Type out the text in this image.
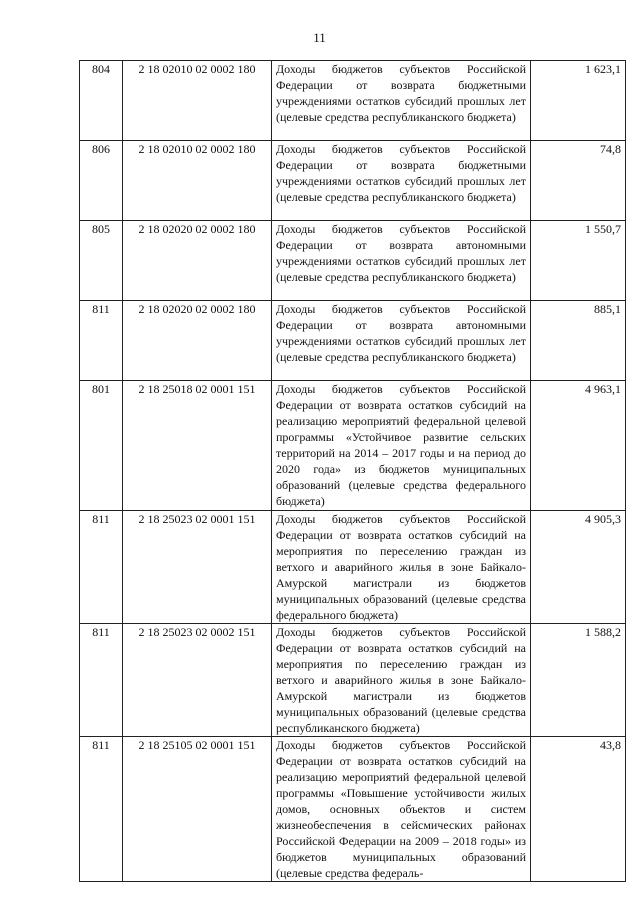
11
804	2 18 02010 02 0002 180	Доходы бюджетов субъектов Российской Федерации от возврата бюджетными учреждениями остатков субсидий прошлых лет (целевые средства республиканского бюджета)	1 623,1
806	2 18 02010 02 0002 180	Доходы бюджетов субъектов Российской Федерации от возврата бюджетными учреждениями остатков субсидий прошлых лет (целевые средства республиканского бюджета)	74,8
805	2 18 02020 02 0002 180	Доходы бюджетов субъектов Российской Федерации от возврата автономными учреждениями остатков субсидий прошлых лет (целевые средства республиканского бюджета)	1 550,7
811	2 18 02020 02 0002 180	Доходы бюджетов субъектов Российской Федерации от возврата автономными учреждениями остатков субсидий прошлых лет (целевые средства республиканского бюджета)	885,1
801	2 18 25018 02 0001 151	Доходы бюджетов субъектов Российской Федерации от возврата остатков субсидий на реализацию мероприятий федеральной целевой программы «Устойчивое развитие сельских территорий на 2014 – 2017 годы и на период до 2020 года» из бюджетов муниципальных образований (целевые средства федерального бюджета)	4 963,1
811	2 18 25023 02 0001 151	Доходы бюджетов субъектов Российской Федерации от возврата остатков субсидий на мероприятия по переселению граждан из ветхого и аварийного жилья в зоне Байкало-Амурской магистрали из бюджетов муниципальных образований (целевые средства федерального бюджета)	4 905,3
811	2 18 25023 02 0002 151	Доходы бюджетов субъектов Российской Федерации от возврата остатков субсидий на мероприятия по переселению граждан из ветхого и аварийного жилья в зоне Байкало-Амурской магистрали из бюджетов муниципальных образований (целевые средства республиканского бюджета)	1 588,2
811	2 18 25105 02 0001 151	Доходы бюджетов субъектов Российской Федерации от возврата остатков субсидий на реализацию мероприятий федеральной целевой программы «Повышение устойчивости жилых домов, основных объектов и систем жизнеобеспечения в сейсмических районах Российской Федерации на 2009 – 2018 годы» из бюджетов муниципальных образований (целевые средства федераль-	43,8
